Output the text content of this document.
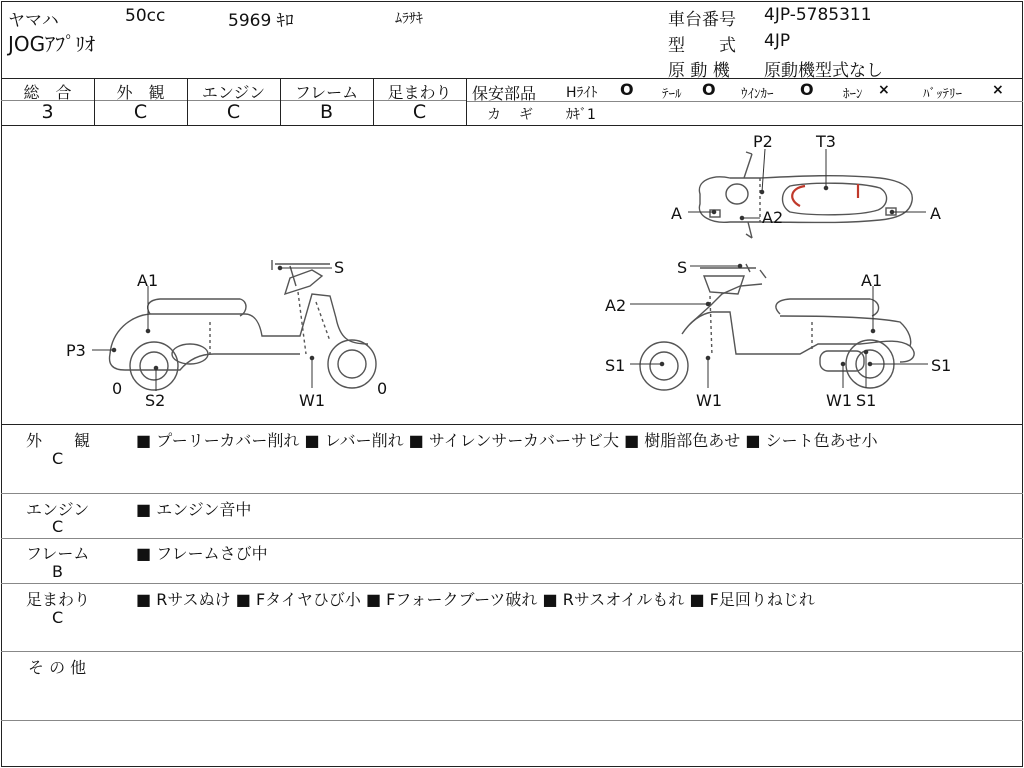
ヤマハ	50cc	5969 ｷﾛ	ﾑﾗｻｷ
JOGｱﾌﾟﾘｵ
車台番号 4JP-5785311
型　　式 4JP
原 動 機 原動機型式なし
総　合	外　観	エンジン	フレーム	足まわり
3	C	C	B	C
保安部品 Hﾗｲﾄ O ﾃｰﾙ O ｳｲﾝｶｰ O ﾎｰﾝ ×	ﾊﾞｯﾃﾘｰ ×
カ　ギ ｶｷﾞ1
P2	T3
A	A2	A
S
A1
P3
0
S2	W1
0
S
A1
A2
S1
W1	W1 S1
S1
外　　観
C
■ プーリーカバー削れ ■ レバー削れ ■ サイレンサーカバーサビ大 ■ 樹脂部色あせ ■ シート色あせ小
エンジン
C
■ エンジン音中
フレーム
B
■ フレームさび中
足まわり
C
■ Rサスぬけ ■ Fタイヤひび小 ■ Fフォークブーツ破れ ■ Rサスオイルもれ ■ F足回りねじれ
そ の 他
